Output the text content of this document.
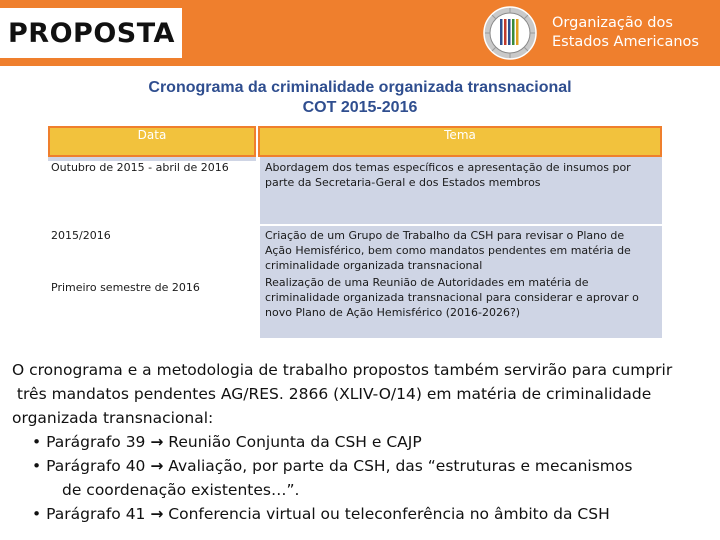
PROPOSTA	Organização dos
Estados Americanos
Cronograma da criminalidade organizada transnacional
COT 2015-2016
Data	Tema
Outubro de 2015 - abril de 2016	Abordagem dos temas específicos e apresentação de insumos por
parte da Secretaria-Geral e dos Estados membros
2015/2016	Criação de um Grupo de Trabalho da CSH para revisar o Plano de
Ação Hemisférico, bem como mandatos pendentes em matéria de
criminalidade organizada transnacional
Primeiro semestre de 2016	Realização de uma Reunião de Autoridades em matéria de
criminalidade organizada transnacional para considerar e aprovar o
novo Plano de Ação Hemisférico (2016-2026?)
O cronograma e a metodologia de trabalho propostos também servirão para cumprir
três mandatos pendentes AG/RES. 2866 (XLIV-O/14) em matéria de criminalidade
organizada transnacional:
• Parágrafo 39 → Reunião Conjunta da CSH e CAJP
• Parágrafo 40 → Avaliação, por parte da CSH, das “estruturas e mecanismos
de coordenação existentes…”.
• Parágrafo 41 → Conferencia virtual ou teleconferência no âmbito da CSH
